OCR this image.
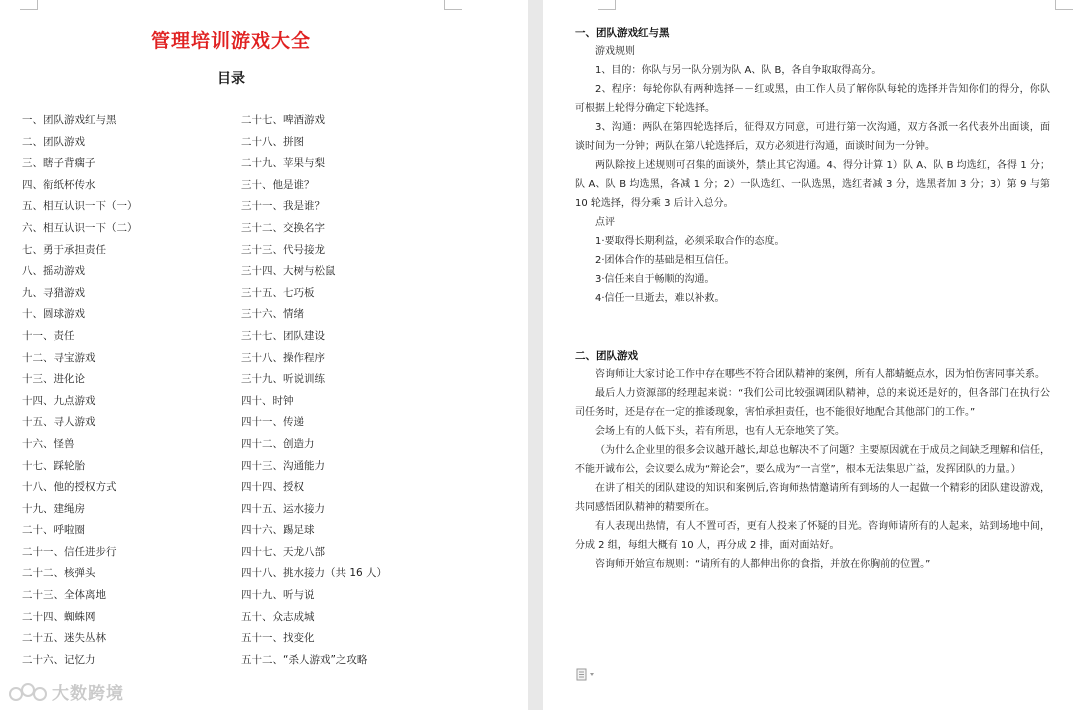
管理培训游戏大全
目录
一、团队游戏红与黑
二、团队游戏
三、瞎子背瘸子
四、衔纸杯传水
五、相互认识一下（一）
六、相互认识一下（二）
七、勇于承担责任
八、摇动游戏
九、寻猎游戏
十、圆球游戏
十一、责任
十二、寻宝游戏
十三、进化论
十四、九点游戏
十五、寻人游戏
十六、怪兽
十七、踩轮胎
十八、他的授权方式
十九、建绳房
二十、呼啦圈
二十一、信任进步行
二十二、核弹头
二十三、全体离地
二十四、蜘蛛网
二十五、迷失丛林
二十六、记忆力
二十七、啤酒游戏
二十八、拼图
二十九、苹果与梨
三十、他是谁？
三十一、我是谁？
三十二、交换名字
三十三、代号接龙
三十四、大树与松鼠
三十五、七巧板
三十六、情绪
三十七、团队建设
三十八、操作程序
三十九、听说训练
四十、时钟
四十一、传递
四十二、创造力
四十三、沟通能力
四十四、授权
四十五、运水接力
四十六、踢足球
四十七、天龙八部
四十八、挑水接力（共 16 人）
四十九、听与说
五十、众志成城
五十一、找变化
五十二、“杀人游戏”之攻略
大数跨境
一、团队游戏红与黑

游戏规则

1、目的：你队与另一队分别为队 A、队 B，各自争取取得高分。

2、程序：每轮你队有两种选择－－红或黑，由工作人员了解你队每轮的选择并告知你们的得分，你队可根据上轮得分确定下轮选择。

3、沟通：两队在第四轮选择后，征得双方同意，可进行第一次沟通，双方各派一名代表外出面谈，面谈时间为一分钟；两队在第八轮选择后，双方必须进行沟通，面谈时间为一分钟。

两队除按上述规则可召集的面谈外，禁止其它沟通。4、得分计算 1）队 A、队 B 均选红，各得 1 分；队 A、队 B 均选黑，各减 1 分；2）一队选红、一队选黑，选红者减 3 分，选黑者加 3 分；3）第 9 与第 10 轮选择，得分乘 3 后计入总分。

点评

1·要取得长期利益，必须采取合作的态度。

2·团体合作的基础是相互信任。

3·信任来自于畅顺的沟通。

4·信任一旦逝去，难以补救。

二、团队游戏

咨询师让大家讨论工作中存在哪些不符合团队精神的案例，所有人都蜻蜓点水，因为怕伤害同事关系。

最后人力资源部的经理起来说：“我们公司比较强调团队精神，总的来说还是好的，但各部门在执行公司任务时，还是存在一定的推诿现象，害怕承担责任，也不能很好地配合其他部门的工作。”

会场上有的人低下头，若有所思，也有人无奈地笑了笑。

（为什么企业里的很多会议越开越长,却总也解决不了问题？主要原因就在于成员之间缺乏理解和信任，不能开诚布公，会议要么成为“辩论会”，要么成为“一言堂”，根本无法集思广益，发挥团队的力量。）

在讲了相关的团队建设的知识和案例后,咨询师热情邀请所有到场的人一起做一个精彩的团队建设游戏，共同感悟团队精神的精要所在。

有人表现出热情，有人不置可否，更有人投来了怀疑的目光。咨询师请所有的人起来，站到场地中间，分成 2 组，每组大概有 10 人，再分成 2 排，面对面站好。

咨询师开始宣布规则：“请所有的人都伸出你的食指，并放在你胸前的位置。”
